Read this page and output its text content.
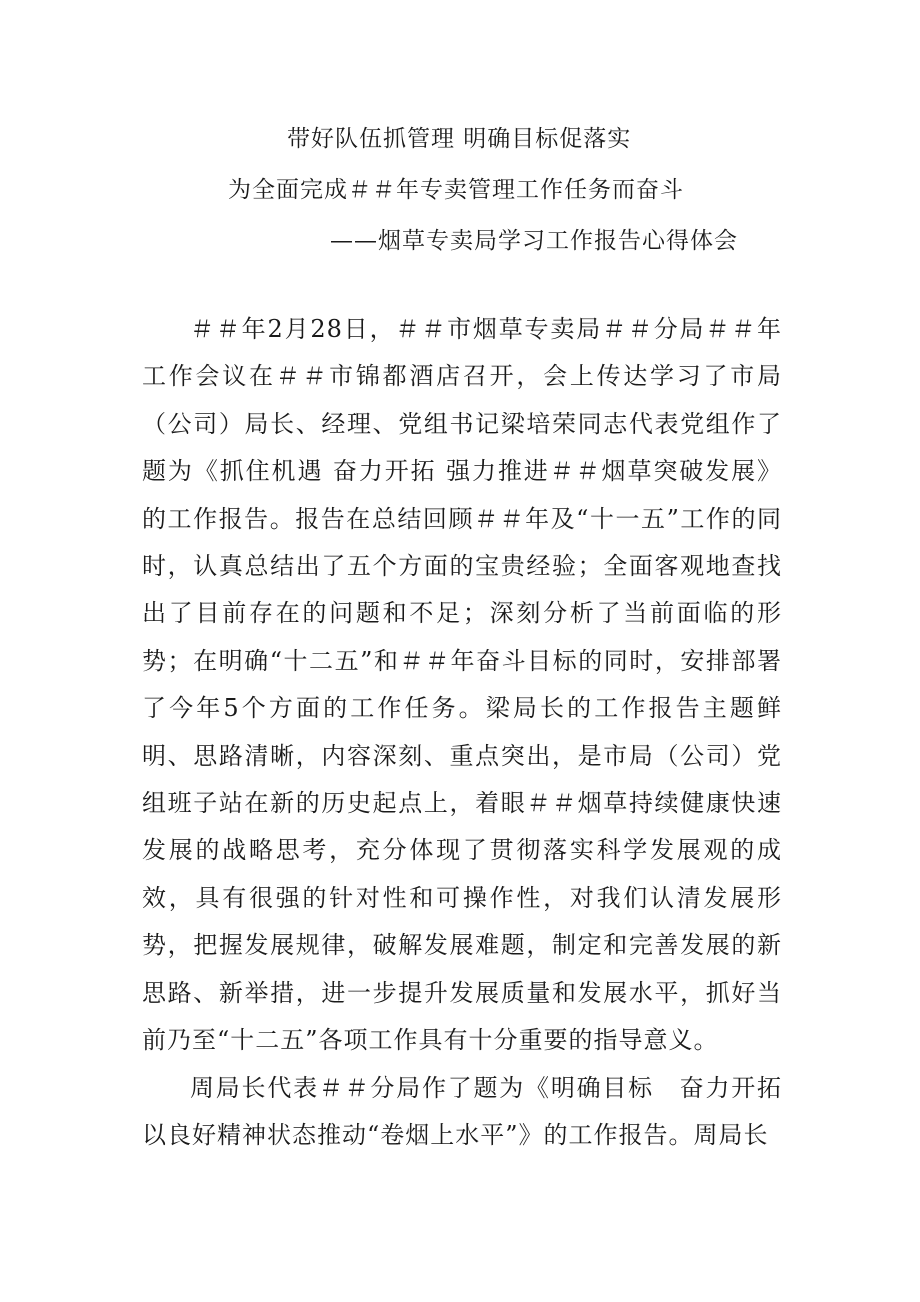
带好队伍抓管理 明确目标促落实
为全面完成＃＃年专卖管理工作任务而奋斗
——烟草专卖局学习工作报告心得体会

＃＃年2月28日，＃＃市烟草专卖局＃＃分局＃＃年工作会议在＃＃市锦都酒店召开，会上传达学习了市局（公司）局长、经理、党组书记梁培荣同志代表党组作了题为《抓住机遇 奋力开拓 强力推进＃＃烟草突破发展》的工作报告。报告在总结回顾＃＃年及“十一五”工作的同时，认真总结出了五个方面的宝贵经验；全面客观地查找出了目前存在的问题和不足；深刻分析了当前面临的形势；在明确“十二五”和＃＃年奋斗目标的同时，安排部署了今年5个方面的工作任务。梁局长的工作报告主题鲜明、思路清晰，内容深刻、重点突出，是市局（公司）党组班子站在新的历史起点上，着眼＃＃烟草持续健康快速发展的战略思考，充分体现了贯彻落实科学发展观的成效，具有很强的针对性和可操作性，对我们认清发展形势，把握发展规律，破解发展难题，制定和完善发展的新思路、新举措，进一步提升发展质量和发展水平，抓好当前乃至“十二五”各项工作具有十分重要的指导意义。

周局长代表＃＃分局作了题为《明确目标　奋力开拓　以良好精神状态推动“卷烟上水平”》的工作报告。周局长
